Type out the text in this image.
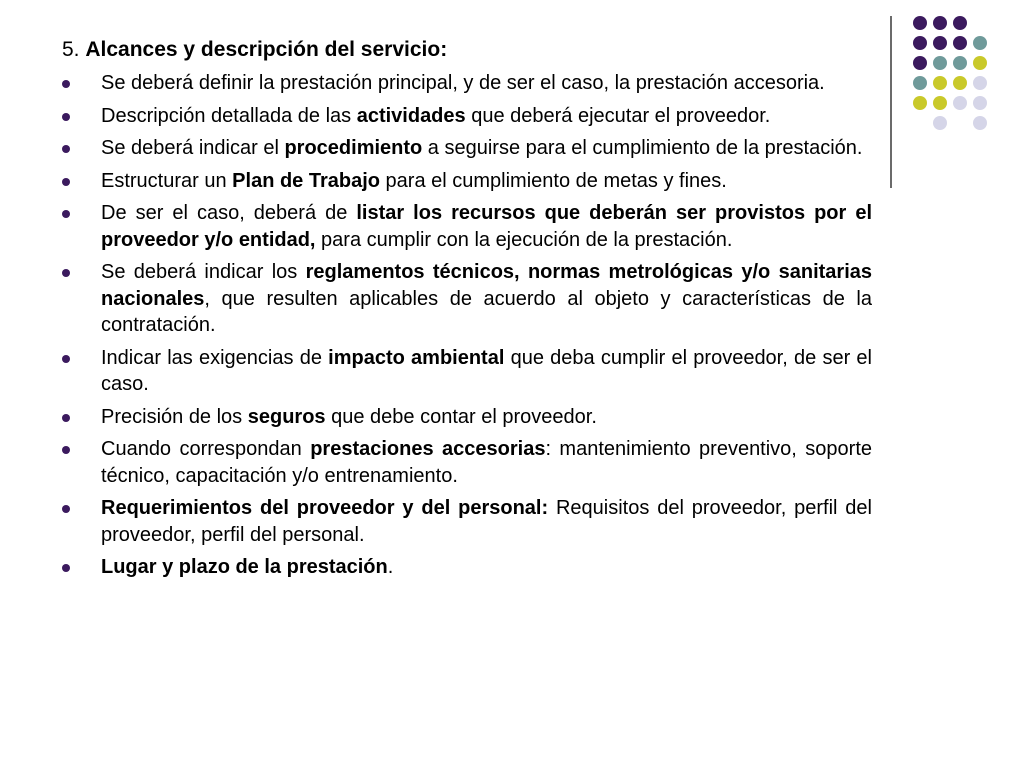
5. Alcances y descripción del servicio:
Se deberá definir la prestación principal, y de ser el caso, la prestación accesoria.
Descripción detallada de las actividades que deberá ejecutar el proveedor.
Se deberá indicar el procedimiento a seguirse para el cumplimiento de la prestación.
Estructurar un Plan de Trabajo para el cumplimiento de metas y fines.
De ser el caso, deberá de listar los recursos que deberán ser provistos por el proveedor y/o entidad, para cumplir con la ejecución de la prestación.
Se deberá indicar los reglamentos técnicos, normas metrológicas y/o sanitarias nacionales, que resulten aplicables de acuerdo al objeto y características de la contratación.
Indicar las exigencias de impacto ambiental que deba cumplir el proveedor, de ser el caso.
Precisión de los seguros que debe contar el proveedor.
Cuando correspondan prestaciones accesorias: mantenimiento preventivo, soporte técnico, capacitación y/o entrenamiento.
Requerimientos del proveedor y del personal: Requisitos del proveedor, perfil del proveedor, perfil del personal.
Lugar y plazo de la prestación.
